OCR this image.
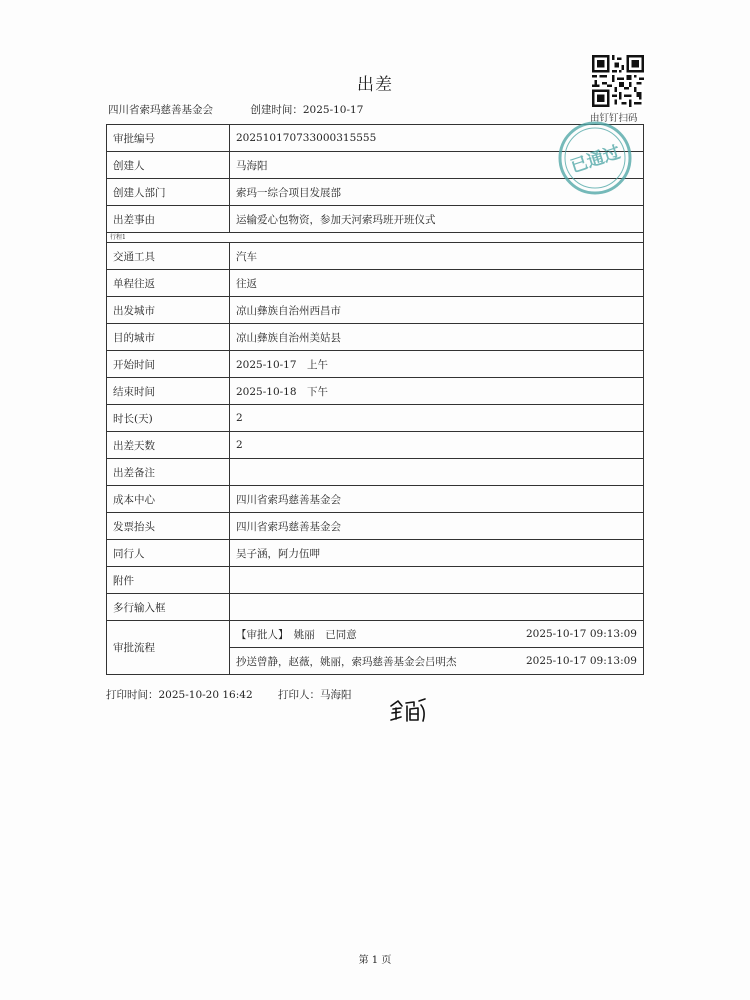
出差
由钉钉扫码
四川省索玛慈善基金会	创建时间：2025-10-17
审批编号	202510170733000315555
创建人	马海阳
创建人部门	索玛一综合项目发展部
出差事由	运输爱心包物资，参加天河索玛班开班仪式
行程1	
交通工具	汽车
单程往返	往返
出发城市	凉山彝族自治州西昌市
目的城市	凉山彝族自治州美姑县
开始时间	2025-10-17　上午
结束时间	2025-10-18　下午
时长(天)	2
出差天数	2
出差备注	
成本中心	四川省索玛慈善基金会
发票抬头	四川省索玛慈善基金会
同行人	吴子涵，阿力伍呷
附件	
多行输入框	
审批流程	【审批人】　姚丽　已同意 2025-10-17 09:13:09
抄送曾静，赵薇，姚丽，索玛慈善基金会吕明杰 2025-10-17 09:13:09
已通过
打印时间：2025-10-20 16:42 打印人：马海阳
第 1 页
